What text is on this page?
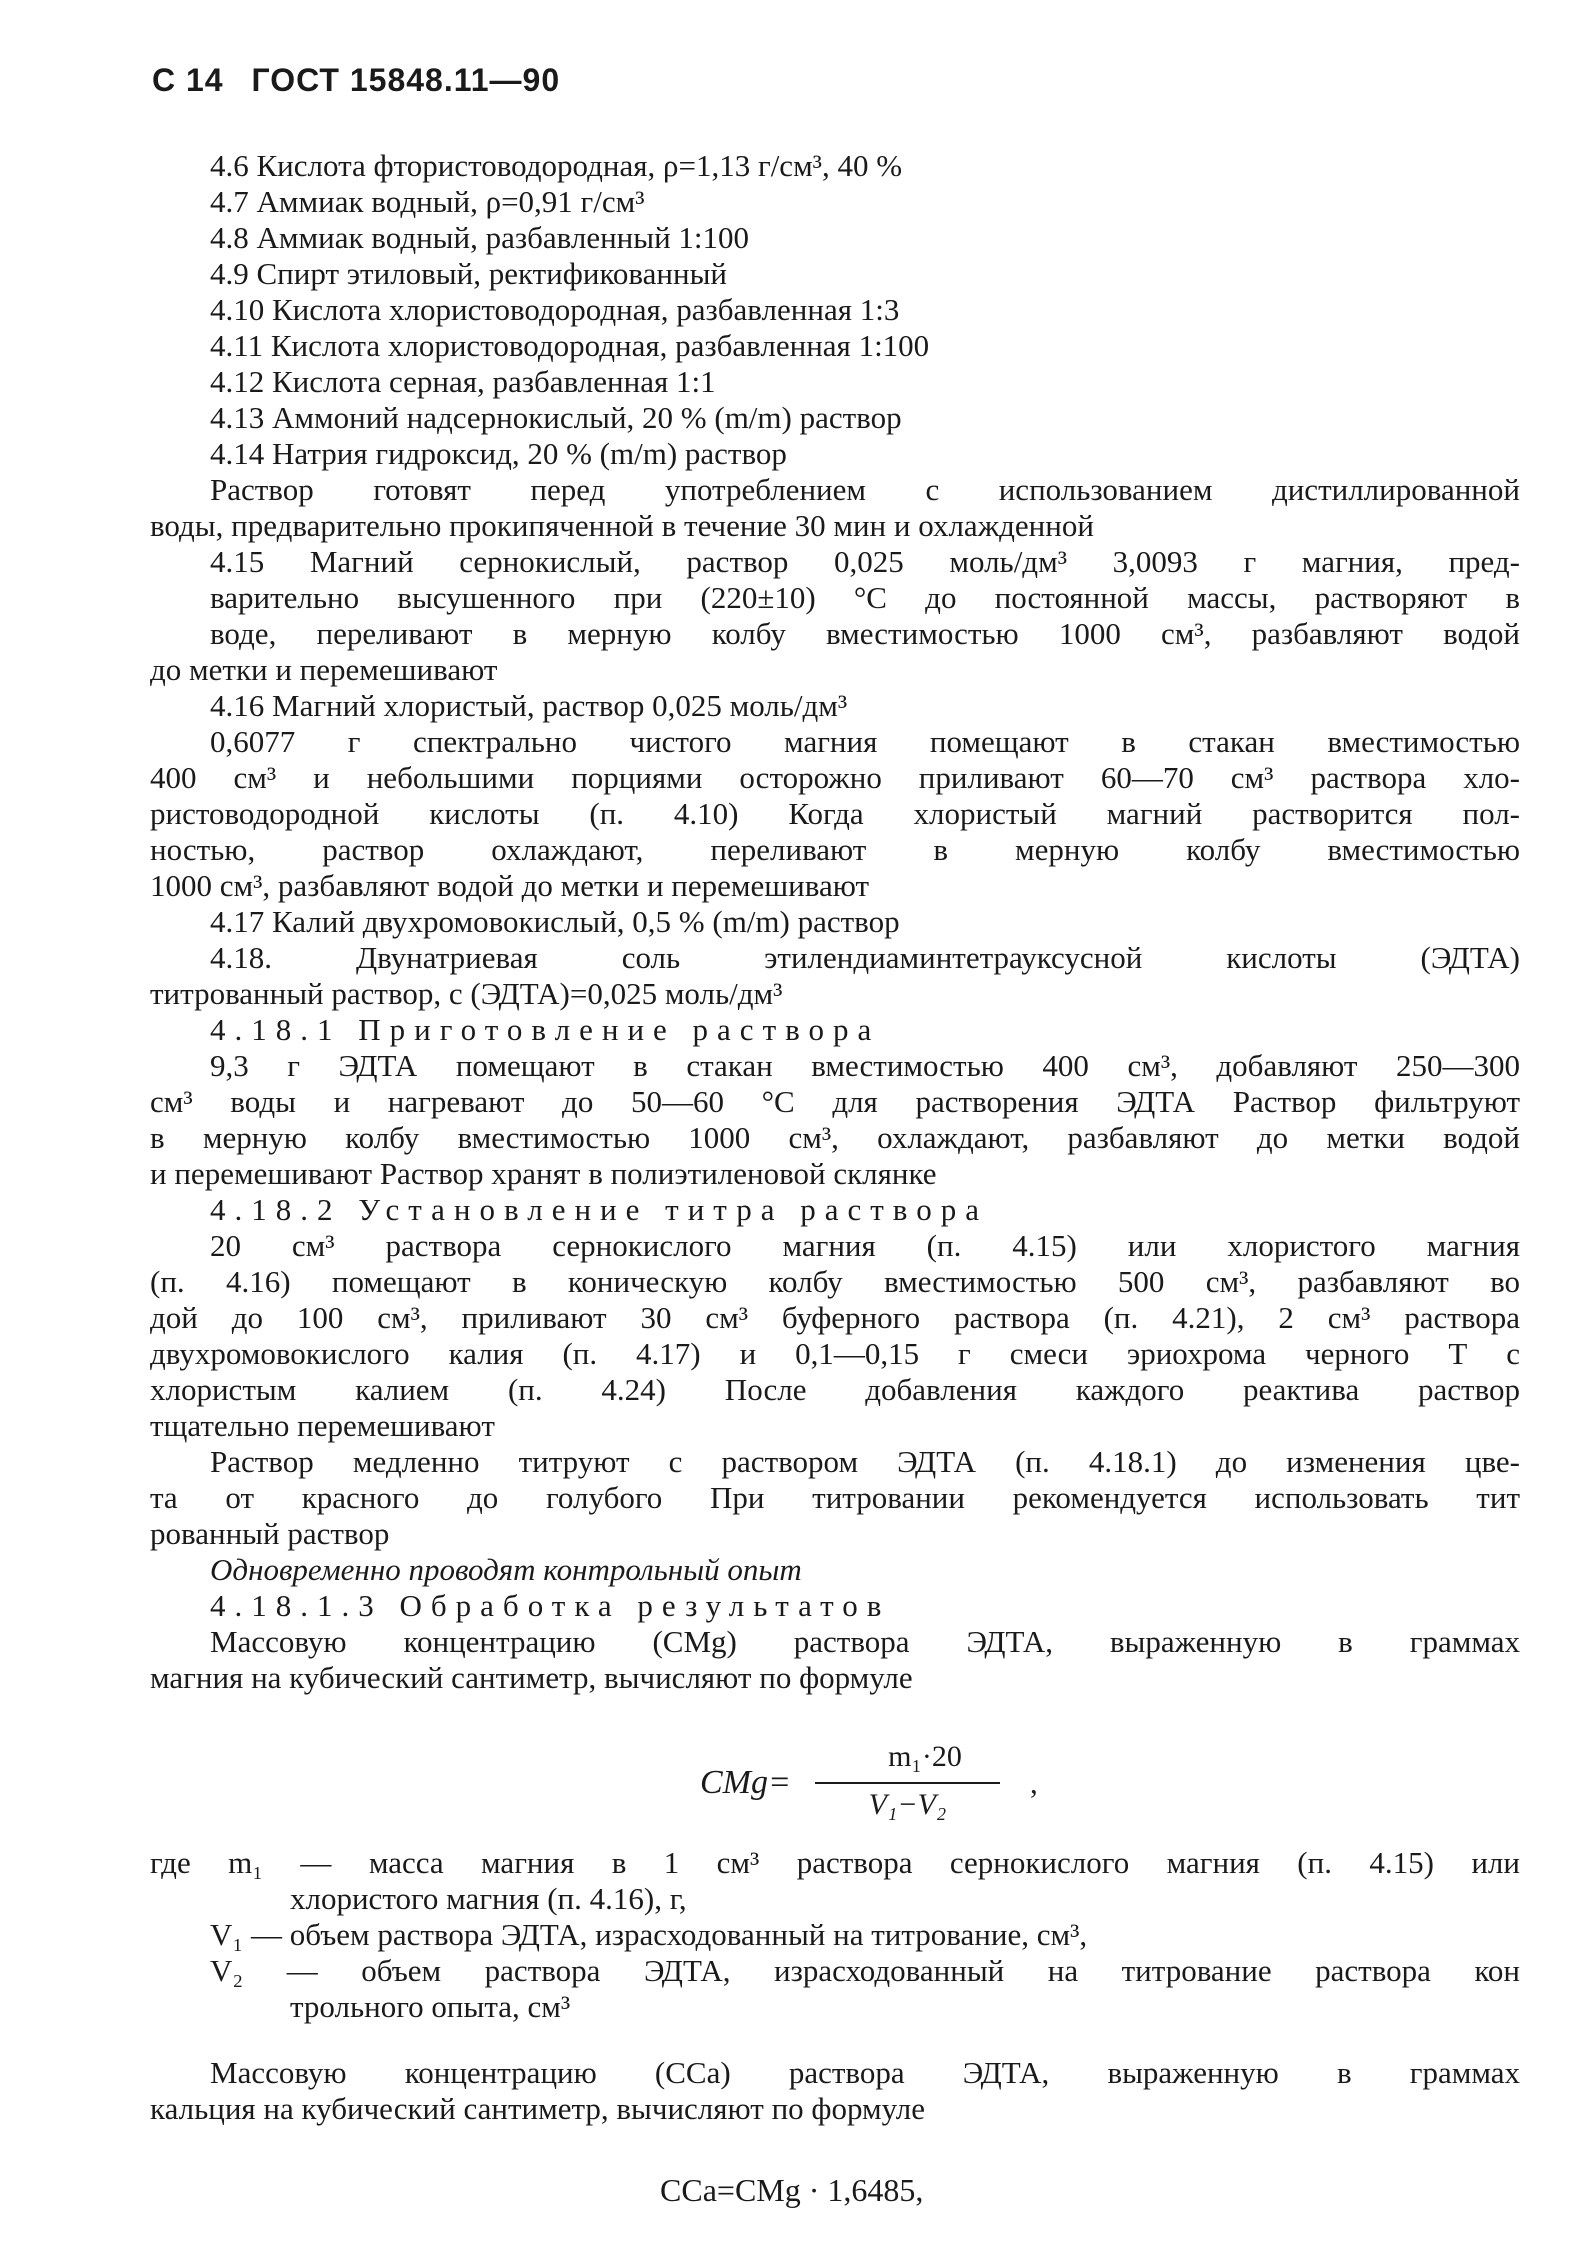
С 14 ГОСТ 15848.11—90
4.6 Кислота фтористоводородная, ρ=1,13 г/см³, 40 %
4.7 Аммиак водный, ρ=0,91 г/см³
4.8 Аммиак водный, разбавленный 1:100
4.9 Спирт этиловый, ректификованный
4.10 Кислота хлористоводородная, разбавленная 1:3
4.11 Кислота хлористоводородная, разбавленная 1:100
4.12 Кислота серная, разбавленная 1:1
4.13 Аммоний надсернокислый, 20 % (m/m) раствор
4.14 Натрия гидроксид, 20 % (m/m) раствор
Раствор готовят перед употреблением с использованием дистиллированной
воды, предварительно прокипяченной в течение 30 мин и охлажденной
4.15 Магний сернокислый, раствор 0,025 моль/дм³ 3,0093 г магния, пред-
варительно высушенного при (220±10) °С до постоянной массы, растворяют в
воде, переливают в мерную колбу вместимостью 1000 см³, разбавляют водой
до метки и перемешивают
4.16 Магний хлористый, раствор 0,025 моль/дм³
0,6077 г спектрально чистого магния помещают в стакан вместимостью
400 см³ и небольшими порциями осторожно приливают 60—70 см³ раствора хло-
ристоводородной кислоты (п. 4.10) Когда хлористый магний растворится пол-
ностью, раствор охлаждают, переливают в мерную колбу вместимостью
1000 см³, разбавляют водой до метки и перемешивают
4.17 Калий двухромовокислый, 0,5 % (m/m) раствор
4.18. Двунатриевая соль этилендиаминтетрауксусной кислоты (ЭДТА)
титрованный раствор, с (ЭДТА)=0,025 моль/дм³
4.18.1 Приготовление раствора
9,3 г ЭДТА помещают в стакан вместимостью 400 см³, добавляют 250—300
см³ воды и нагревают до 50—60 °С для растворения ЭДТА Раствор фильтруют
в мерную колбу вместимостью 1000 см³, охлаждают, разбавляют до метки водой
и перемешивают Раствор хранят в полиэтиленовой склянке
4.18.2 Установление титра раствора
20 см³ раствора сернокислого магния (п. 4.15) или хлористого магния
(п. 4.16) помещают в коническую колбу вместимостью 500 см³, разбавляют во
дой до 100 см³, приливают 30 см³ буферного раствора (п. 4.21), 2 см³ раствора
двухромовокислого калия (п. 4.17) и 0,1—0,15 г смеси эриохрома черного Т с
хлористым калием (п. 4.24) После добавления каждого реактива раствор
тщательно перемешивают
Раствор медленно титруют с раствором ЭДТА (п. 4.18.1) до изменения цве-
та от красного до голубого При титровании рекомендуется использовать тит
рованный раствор
Одновременно проводят контрольный опыт
4.18.1.3 Обработка результатов
Массовую концентрацию (CMg) раствора ЭДТА, выраженную в граммах
магния на кубический сантиметр, вычисляют по формуле
CMg=
m₁·20
V₁−V₂
,
где m₁ — масса магния в 1 см³ раствора сернокислого магния (п. 4.15) или
хлористого магния (п. 4.16), г,
V₁ — объем раствора ЭДТА, израсходованный на титрование, см³,
V₂ — объем раствора ЭДТА, израсходованный на титрование раствора кон
трольного опыта, см³
Массовую концентрацию (CCa) раствора ЭДТА, выраженную в граммах
кальция на кубический сантиметр, вычисляют по формуле
CCa=CMg · 1,6485,
